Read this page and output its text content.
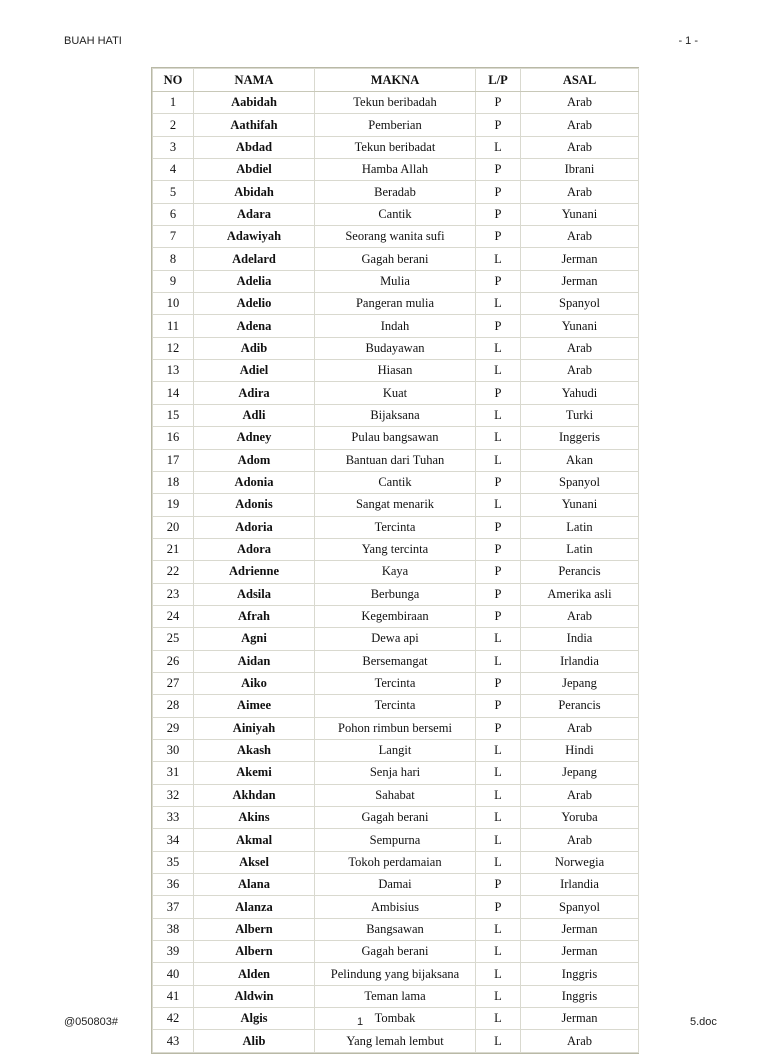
BUAH HATI	- 1 -
NO	NAMA	MAKNA	L/P	ASAL
1	Aabidah	Tekun beribadah	P	Arab
2	Aathifah	Pemberian	P	Arab
3	Abdad	Tekun beribadat	L	Arab
4	Abdiel	Hamba Allah	P	Ibrani
5	Abidah	Beradab	P	Arab
6	Adara	Cantik	P	Yunani
7	Adawiyah	Seorang wanita sufi	P	Arab
8	Adelard	Gagah berani	L	Jerman
9	Adelia	Mulia	P	Jerman
10	Adelio	Pangeran mulia	L	Spanyol
11	Adena	Indah	P	Yunani
12	Adib	Budayawan	L	Arab
13	Adiel	Hiasan	L	Arab
14	Adira	Kuat	P	Yahudi
15	Adli	Bijaksana	L	Turki
16	Adney	Pulau bangsawan	L	Inggeris
17	Adom	Bantuan dari Tuhan	L	Akan
18	Adonia	Cantik	P	Spanyol
19	Adonis	Sangat menarik	L	Yunani
20	Adoria	Tercinta	P	Latin
21	Adora	Yang tercinta	P	Latin
22	Adrienne	Kaya	P	Perancis
23	Adsila	Berbunga	P	Amerika asli
24	Afrah	Kegembiraan	P	Arab
25	Agni	Dewa api	L	India
26	Aidan	Bersemangat	L	Irlandia
27	Aiko	Tercinta	P	Jepang
28	Aimee	Tercinta	P	Perancis
29	Ainiyah	Pohon rimbun bersemi	P	Arab
30	Akash	Langit	L	Hindi
31	Akemi	Senja hari	L	Jepang
32	Akhdan	Sahabat	L	Arab
33	Akins	Gagah berani	L	Yoruba
34	Akmal	Sempurna	L	Arab
35	Aksel	Tokoh perdamaian	L	Norwegia
36	Alana	Damai	P	Irlandia
37	Alanza	Ambisius	P	Spanyol
38	Albern	Bangsawan	L	Jerman
39	Albern	Gagah berani	L	Jerman
40	Alden	Pelindung yang bijaksana	L	Inggris
41	Aldwin	Teman lama	L	Inggris
42	Algis	Tombak	L	Jerman
43	Alib	Yang lemah lembut	L	Arab
@050803#	1	5.doc
